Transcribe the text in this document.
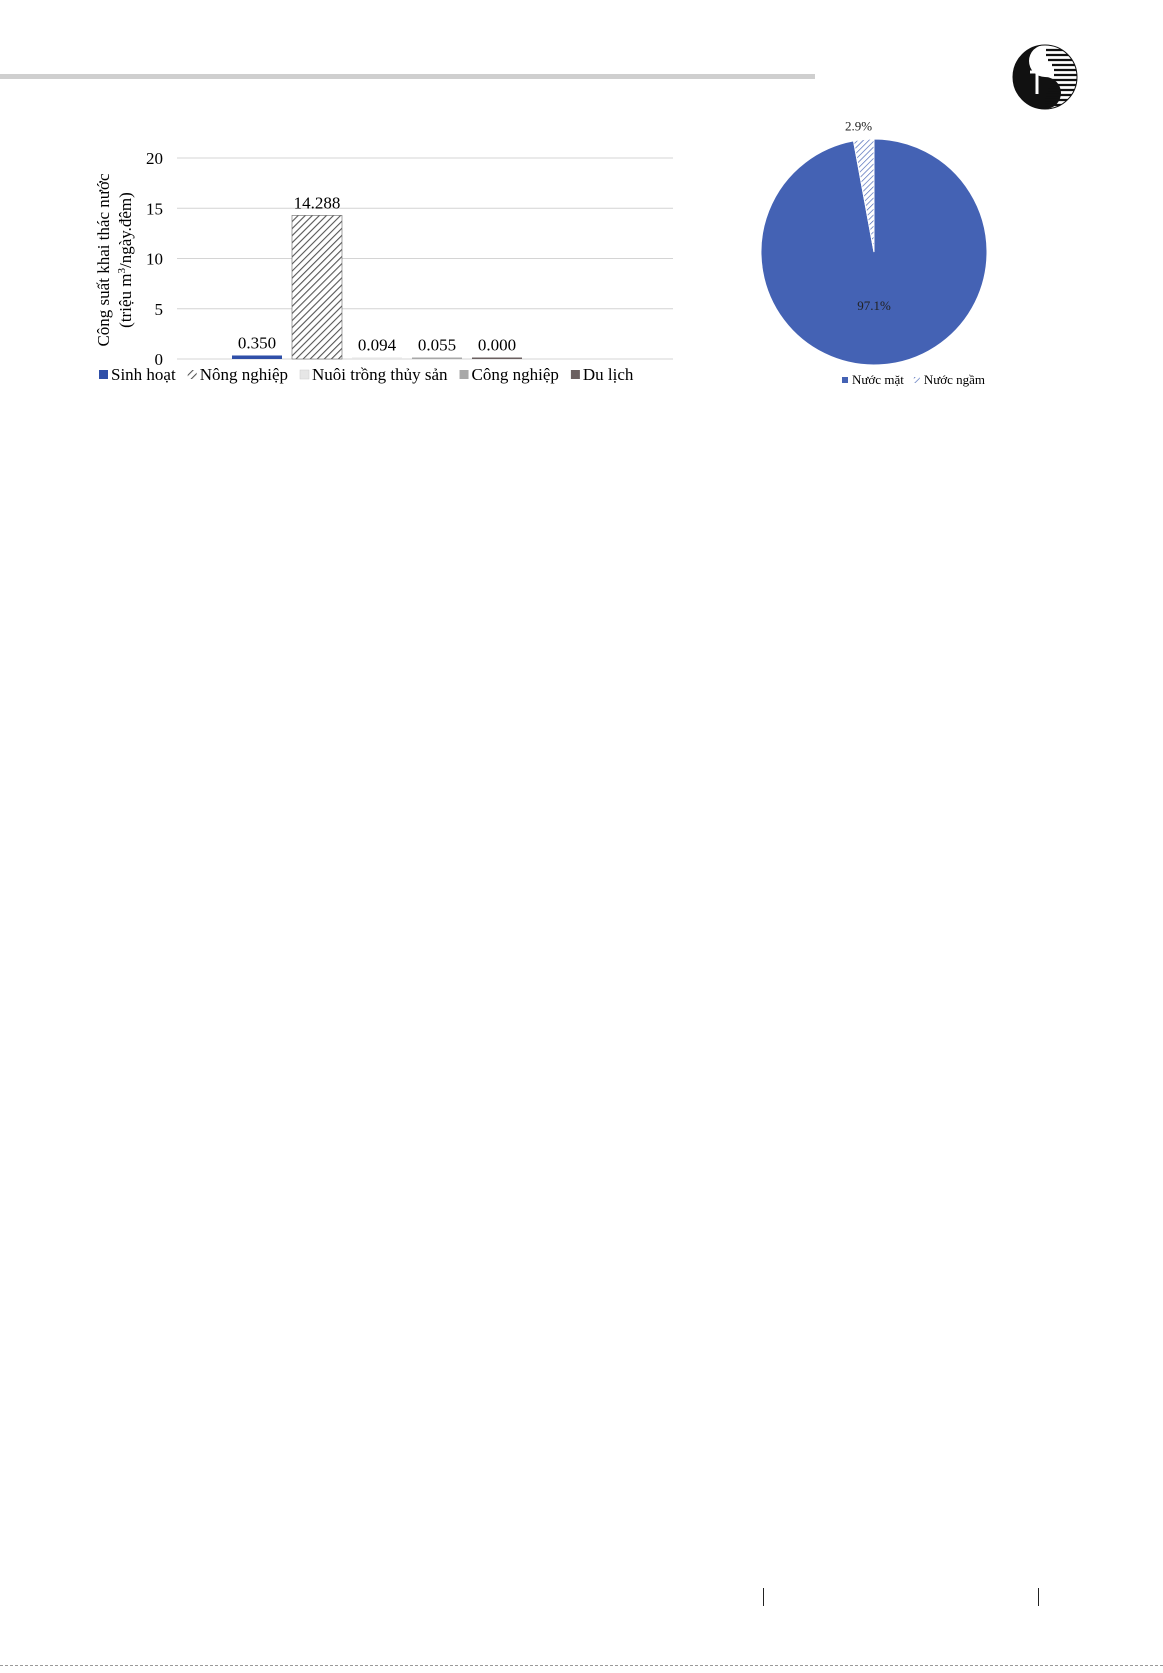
0
5
10
15
20
0.350
14.288
0.094 0.055 0.000
Công suất khai thác nước (triệu $m^3/ngày.đêm$)
Sinh hoạt Nông nghiệp Nuôi trồng thủy sản Công nghiệp Du lịch
97.1%
2.9%
Nước mặt Nước ngầm
